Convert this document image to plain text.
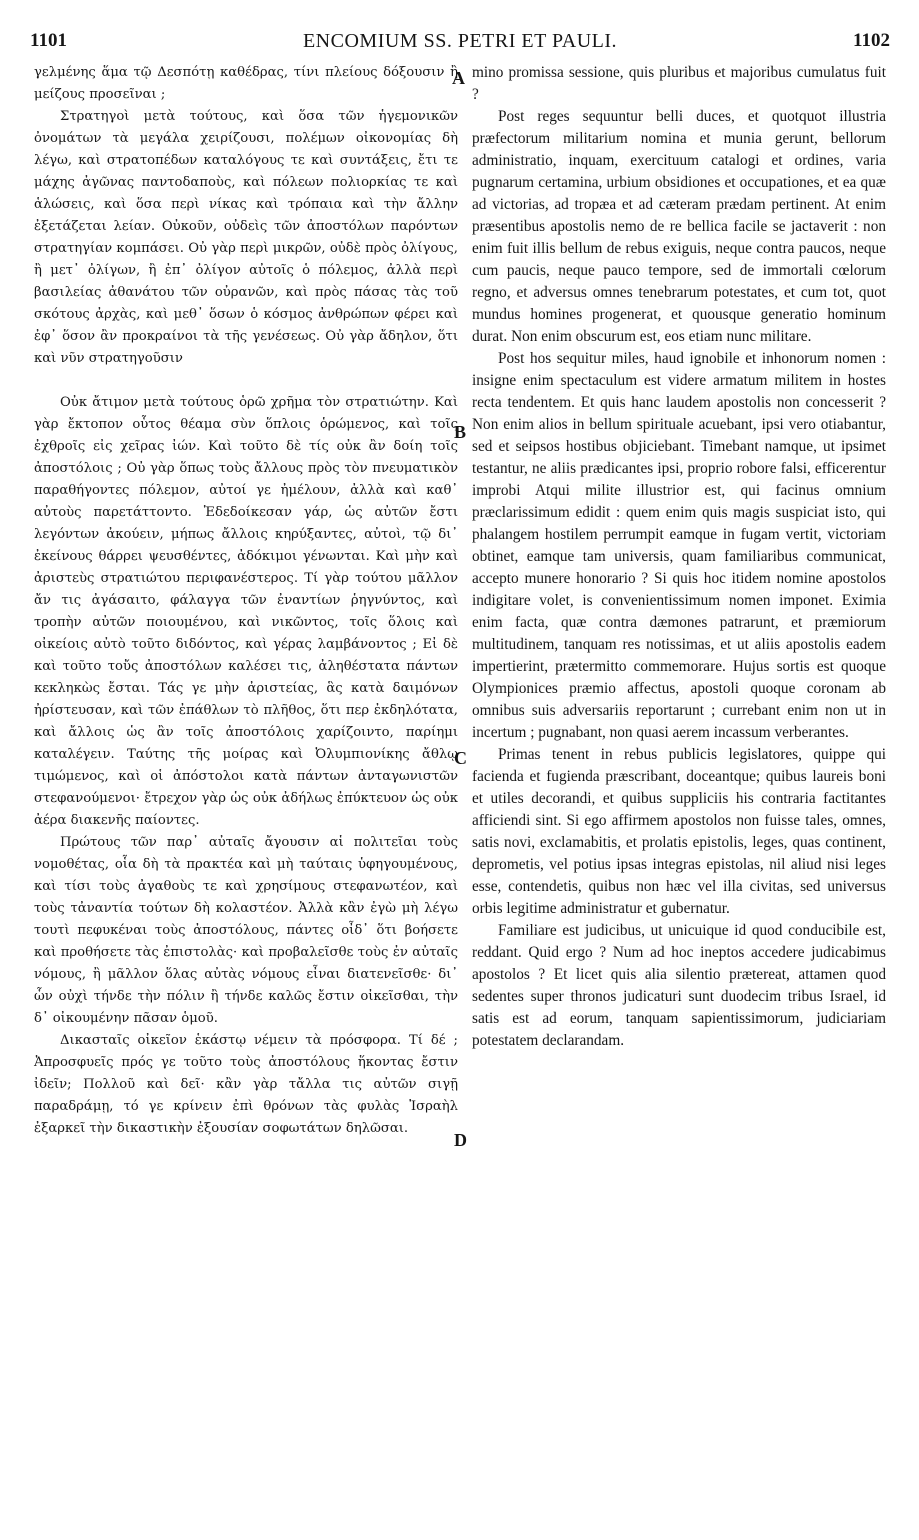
1101	ENCOMIUM SS. PETRI ET PAULI.	1102

γελμένης ἅμα τῷ Δεσπότῃ καθέδρας, τίνι πλείους δόξουσιν ἢ μείζους προσεῖναι ;

Στρατηγοὶ μετὰ τούτους, καὶ ὅσα τῶν ἡγεμονικῶν ὀνομάτων τὰ μεγάλα χειρίζουσι, πολέμων οἰκονομίας δὴ λέγω, καὶ στρατοπέδων καταλόγους τε καὶ συντάξεις, ἔτι τε μάχης ἀγῶνας παντοδαποὺς, καὶ πόλεων πολιορκίας τε καὶ ἁλώσεις, καὶ ὅσα περὶ νίκας καὶ τρόπαια καὶ τὴν ἄλλην ἐξετάζεται λείαν. Οὐκοῦν, οὐδεὶς τῶν ἀποστόλων παρόντων στρατηγίαν κομπάσει. Οὐ γὰρ περὶ μικρῶν, οὐδὲ πρὸς ὀλίγους, ἢ μετ᾽ ὀλίγων, ἢ ἐπ᾽ ὀλίγον αὐτοῖς ὁ πόλεμος, ἀλλὰ περὶ βασιλείας ἀθανάτου τῶν οὐρανῶν, καὶ πρὸς πάσας τὰς τοῦ σκότους ἀρχὰς, καὶ μεθ᾽ ὅσων ὁ κόσμος ἀνθρώπων φέρει καὶ ἐφ᾽ ὅσον ἂν προκραίνοι τὰ τῆς γενέσεως. Οὐ γὰρ ἄδηλον, ὅτι καὶ νῦν στρατηγοῦσιν

Οὐκ ἄτιμον μετὰ τούτους ὁρῶ χρῆμα τὸν στρατιώτην. Καὶ γὰρ ἔκτοπον οὗτος θέαμα σὺν ὅπλοις ὁρώμενος, καὶ τοῖς ἐχθροῖς εἰς χεῖρας ἰών. Καὶ τοῦτο δὲ τίς οὐκ ἂν δοίη τοῖς ἀποστόλοις ; Οὐ γὰρ ὅπως τοὺς ἄλλους πρὸς τὸν πνευματικὸν παραθήγοντες πόλεμον, αὐτοί γε ἠμέλουν, ἀλλὰ καὶ καθ᾽ αὐτοὺς παρετάττοντο. Ἐδεδοίκεσαν γάρ, ὡς αὐτῶν ἔστι λεγόντων ἀκούειν, μήπως ἄλλοις κηρύξαντες, αὐτοὶ, τῷ δι᾽ ἐκείνους θάρρει ψευσθέντες, ἀδόκιμοι γένωνται. Καὶ μὴν καὶ ἀριστεὺς στρατιώτου περιφανέστερος. Τί γὰρ τούτου μᾶλλον ἄν τις ἀγάσαιτο, φάλαγγα τῶν ἐναντίων ῥηγνύντος, καὶ τροπὴν αὐτῶν ποιουμένου, καὶ νικῶντος, τοῖς ὅλοις καὶ οἰκείοις αὐτὸ τοῦτο διδόντος, καὶ γέρας λαμβάνοντος ; Εἰ δὲ καὶ τοῦτο τοὔς ἀποστόλων καλέσει τις, ἀληθέστατα πάντων κεκληκὼς ἔσται. Τάς γε μὴν ἀριστείας, ἃς κατὰ δαιμόνων ἠρίστευσαν, καὶ τῶν ἐπάθλων τὸ πλῆθος, ὅτι περ ἐκδηλότατα, καὶ ἄλλοις ὡς ἂν τοῖς ἀποστόλοις χαρίζοιντο, παρίημι καταλέγειν. Ταύτης τῆς μοίρας καὶ Ὀλυμπιονίκης ἄθλῳ τιμώμενος, καὶ οἱ ἀπόστολοι κατὰ πάντων ἀνταγωνιστῶν στεφανούμενοι· ἔτρεχον γὰρ ὡς οὐκ ἀδήλως ἐπύκτευον ὡς οὐκ ἀέρα διακενῆς παίοντες.

Πρώτους τῶν παρ᾽ αὐταῖς ἄγουσιν αἱ πολιτεῖαι τοὺς νομοθέτας, οἷα δὴ τὰ πρακτέα καὶ μὴ ταύταις ὑφηγουμένους, καὶ τίσι τοὺς ἀγαθοὺς τε καὶ χρησίμους στεφανωτέον, καὶ τοὺς τἀναντία τούτων δὴ κολαστέον. Ἀλλὰ κἂν ἐγὼ μὴ λέγω τουτὶ πεφυκέναι τοὺς ἀποστόλους, πάντες οἶδ᾽ ὅτι βοήσετε καὶ προθήσετε τὰς ἐπιστολὰς· καὶ προβαλεῖσθε τοὺς ἐν αὐταῖς νόμους, ἢ μᾶλλον ὅλας αὐτὰς νόμους εἶναι διατενεῖσθε· δι᾽ ὧν οὐχὶ τήνδε τὴν πόλιν ἢ τήνδε καλῶς ἔστιν οἰκεῖσθαι, τὴν δ᾽ οἰκουμένην πᾶσαν ὁμοῦ.

Δικασταῖς οἰκεῖον ἑκάστῳ νέμειν τὰ πρόσφορα. Τί δέ ; Ἀπροσφυεῖς πρός γε τοῦτο τοὺς ἀποστόλους ἥκοντας ἔστιν ἰδεῖν; Πολλοῦ καὶ δεῖ· κἂν γὰρ τἄλλα τις αὐτῶν σιγῇ παραδράμῃ, τό γε κρίνειν ἐπὶ θρόνων τὰς φυλὰς Ἰσραὴλ ἐξαρκεῖ τὴν δικαστικὴν ἐξουσίαν σοφωτάτων δηλῶσαι.

A
B
C
D

mino promissa sessione, quis pluribus et majoribus cumulatus fuit ?

Post reges sequuntur belli duces, et quotquot illustria præfectorum militarium nomina et munia gerunt, bellorum administratio, inquam, exercituum catalogi et ordines, varia pugnarum certamina, urbium obsidiones et occupationes, et ea quæ ad victorias, ad tropæa et ad cæteram prædam pertinent. At enim præsentibus apostolis nemo de re bellica facile se jactaverit : non enim fuit illis bellum de rebus exiguis, neque contra paucos, neque cum paucis, neque pauco tempore, sed de immortali cœlorum regno, et adversus omnes tenebrarum potestates, et cum tot, quot mundus homines progenerat, et quousque generatio hominum durat. Non enim obscurum est, eos etiam nunc militare.

Post hos sequitur miles, haud ignobile et inhonorum nomen : insigne enim spectaculum est videre armatum militem in hostes recta tendentem. Et quis hanc laudem apostolis non concesserit ? Non enim alios in bellum spirituale acuebant, ipsi vero otiabantur, sed et seipsos hostibus objiciebant. Timebant namque, ut ipsimet testantur, ne aliis prædicantes ipsi, proprio robore falsi, efficerentur improbi Atqui milite illustrior est, qui facinus omnium præclarissimum edidit : quem enim quis magis suspiciat isto, qui phalangem hostilem perrumpit eamque in fugam vertit, victoriam obtinet, eamque tam universis, quam familiaribus communicat, accepto munere honorario ? Si quis hoc itidem nomine apostolos indigitare volet, is convenientissimum nomen imponet. Eximia enim facta, quæ contra dæmones patrarunt, et præmiorum multitudinem, tanquam res notissimas, et ut aliis apostolis eadem impertierint, prætermitto commemorare. Hujus sortis est quoque Olympionices præmio affectus, apostoli quoque coronam ab omnibus suis adversariis reportarunt ; currebant enim non ut in incertum ; pugnabant, non quasi aerem incassum verberantes.

Primas tenent in rebus publicis legislatores, quippe qui facienda et fugienda præscribant, doceantque; quibus laureis boni et utiles decorandi, et quibus suppliciis his contraria factitantes afficiendi sint. Si ego affirmem apostolos non fuisse tales, omnes, satis novi, exclamabitis, et prolatis epistolis, leges, quas continent, deprometis, vel potius ipsas integras epistolas, nil aliud nisi leges esse, contendetis, quibus non hæc vel illa civitas, sed universus orbis legitime administratur et gubernatur.

Familiare est judicibus, ut unicuique id quod conducibile est, reddant. Quid ergo ? Num ad hoc ineptos accedere judicabimus apostolos ? Et licet quis alia silentio prætereat, attamen quod sedentes super thronos judicaturi sunt duodecim tribus Israel, id satis est ad eorum, tanquam sapientissimorum, judiciariam potestatem declarandam.
